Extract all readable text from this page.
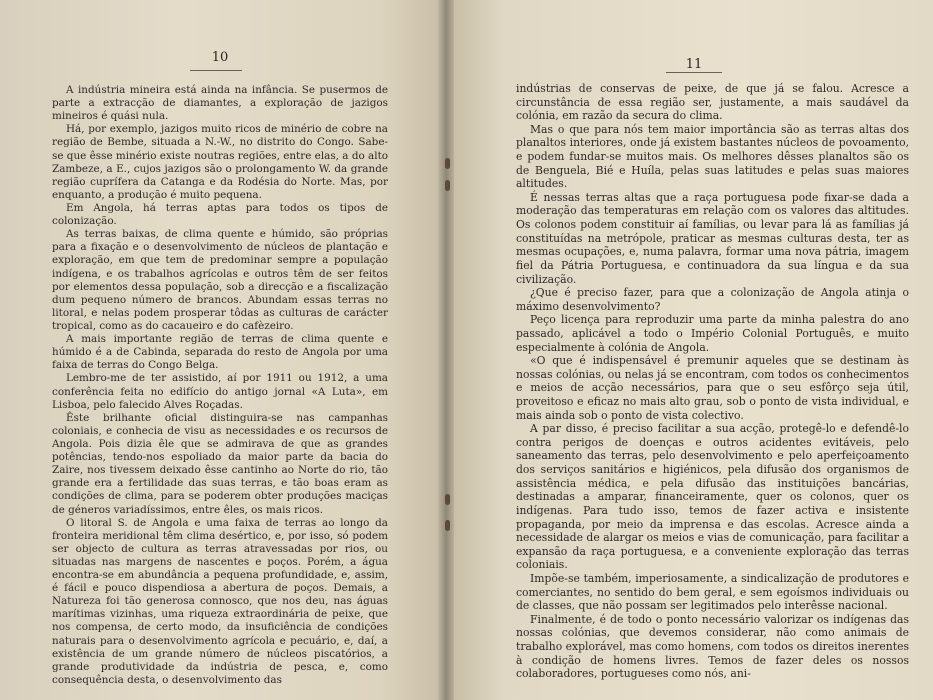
10

A indústria mineira está ainda na infância. Se pusermos de parte a extracção de diamantes, a exploração de jazigos mineiros é quási nula.

Há, por exemplo, jazigos muito ricos de minério de cobre na região de Bembe, situada a N.-W., no distrito do Congo. Sabe-se que êsse minério existe noutras regiões, entre elas, a do alto Zambeze, a E., cujos jazigos são o prolongamento W. da grande região cuprífera da Catanga e da Rodésia do Norte. Mas, por enquanto, a produção é muito pequena.

Em Angola, há terras aptas para todos os tipos de colonização.

As terras baixas, de clima quente e húmido, são próprias para a fixação e o desenvolvimento de núcleos de plantação e exploração, em que tem de predominar sempre a população indígena, e os trabalhos agrícolas e outros têm de ser feitos por elementos dessa população, sob a direcção e a fiscalização dum pequeno número de brancos. Abundam essas terras no litoral, e nelas podem prosperar tôdas as culturas de carácter tropical, como as do cacaueiro e do cafèzeiro.

A mais importante região de terras de clima quente e húmido é a de Cabinda, separada do resto de Angola por uma faixa de terras do Congo Belga.

Lembro-me de ter assistido, aí por 1911 ou 1912, a uma conferência feita no edifício do antigo jornal «A Luta», em Lisboa, pelo falecido Alves Roçadas.

Êste brilhante oficial distinguira-se nas campanhas coloniais, e conhecia de visu as necessidades e os recursos de Angola. Pois dizia êle que se admirava de que as grandes potências, tendo-nos espoliado da maior parte da bacia do Zaire, nos tivessem deixado êsse cantinho ao Norte do rio, tão grande era a fertilidade das suas terras, e tão boas eram as condições de clima, para se poderem obter produções maciças de géneros variadíssimos, entre êles, os mais ricos.

O litoral S. de Angola e uma faixa de terras ao longo da fronteira meridional têm clima desértico, e, por isso, só podem ser objecto de cultura as terras atravessadas por rios, ou situadas nas margens de nascentes e poços. Porém, a água encontra-se em abundância a pequena profundidade, e, assim, é fácil e pouco dispendiosa a abertura de poços. Demais, a Natureza foi tão generosa connosco, que nos deu, nas águas marítimas vizinhas, uma riqueza extraordinária de peixe, que nos compensa, de certo modo, da insuficiência de condições naturais para o desenvolvimento agrícola e pecuário, e, daí, a existência de um grande número de núcleos piscatórios, a grande produtividade da indústria de pesca, e, como consequência desta, o desenvolvimento das

11

indústrias de conservas de peixe, de que já se falou. Acresce a circunstância de essa região ser, justamente, a mais saudável da colónia, em razão da secura do clima.

Mas o que para nós tem maior importância são as terras altas dos planaltos interiores, onde já existem bastantes núcleos de povoamento, e podem fundar-se muitos mais. Os melhores dêsses planaltos são os de Benguela, Bié e Huíla, pelas suas latitudes e pelas suas maiores altitudes.

É nessas terras altas que a raça portuguesa pode fixar-se dada a moderação das temperaturas em relação com os valores das altitudes. Os colonos podem constituir aí famílias, ou levar para lá as famílias já constituídas na metrópole, praticar as mesmas culturas desta, ter as mesmas ocupações, e, numa palavra, formar uma nova pátria, imagem fiel da Pátria Portuguesa, e continuadora da sua língua e da sua civilização.

¿Que é preciso fazer, para que a colonização de Angola atinja o máximo desenvolvimento?

Peço licença para reproduzir uma parte da minha palestra do ano passado, aplicável a todo o Império Colonial Português, e muito especialmente à colónia de Angola.

«O que é indispensável é premunir aqueles que se destinam às nossas colónias, ou nelas já se encontram, com todos os conhecimentos e meios de acção necessários, para que o seu esfôrço seja útil, proveitoso e eficaz no mais alto grau, sob o ponto de vista individual, e mais ainda sob o ponto de vista colectivo.

A par disso, é preciso facilitar a sua acção, protegê-lo e defendê-lo contra perigos de doenças e outros acidentes evitáveis, pelo saneamento das terras, pelo desenvolvimento e pelo aperfeiçoamento dos serviços sanitários e higiénicos, pela difusão dos organismos de assistência médica, e pela difusão das instituições bancárias, destinadas a amparar, financeiramente, quer os colonos, quer os indígenas. Para tudo isso, temos de fazer activa e insistente propaganda, por meio da imprensa e das escolas. Acresce ainda a necessidade de alargar os meios e vias de comunicação, para facilitar a expansão da raça portuguesa, e a conveniente exploração das terras coloniais.

Impõe-se também, imperiosamente, a sindicalização de produtores e comerciantes, no sentido do bem geral, e sem egoísmos individuais ou de classes, que não possam ser legitimados pelo interêsse nacional.

Finalmente, é de todo o ponto necessário valorizar os indígenas das nossas colónias, que devemos considerar, não como animais de trabalho explorável, mas como homens, com todos os direitos inerentes à condição de homens livres. Temos de fazer deles os nossos colaboradores, portugueses como nós, ani-
